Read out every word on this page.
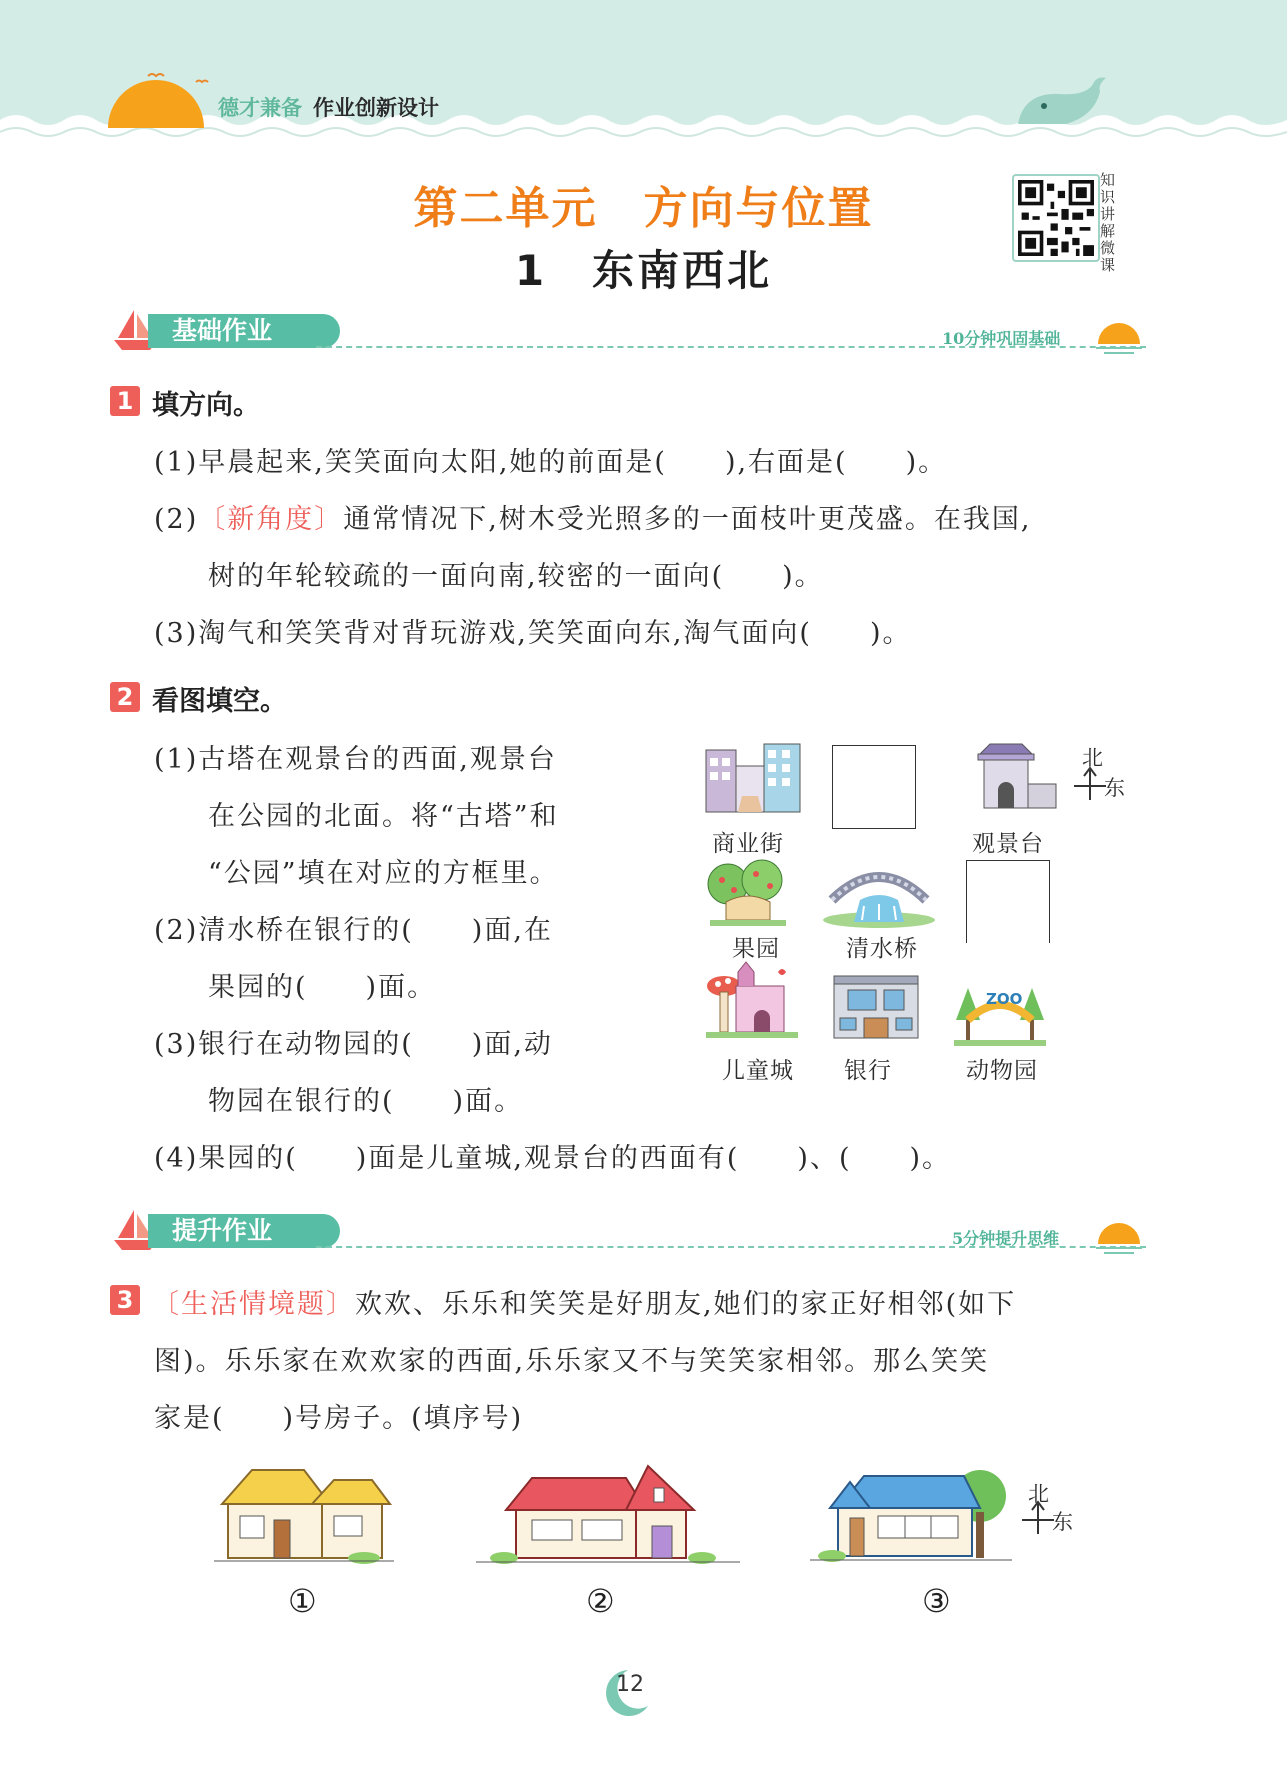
德才兼备 作业创新设计
第二单元　方向与位置
1　东南西北
知识讲解微课
基础作业	10分钟巩固基础
1 填方向。
(1)早晨起来,笑笑面向太阳,她的前面是(　　),右面是(　　)。
(2)〔新角度〕通常情况下,树木受光照多的一面枝叶更茂盛。在我国,
树的年轮较疏的一面向南,较密的一面向(　　)。
(3)淘气和笑笑背对背玩游戏,笑笑面向东,淘气面向(　　)。
2 看图填空。
(1)古塔在观景台的西面,观景台
在公园的北面。将“古塔”和
“公园”填在对应的方框里。
(2)清水桥在银行的(　　)面,在
果园的(　　)面。
(3)银行在动物园的(　　)面,动
物园在银行的(　　)面。
(4)果园的(　　)面是儿童城,观景台的西面有(　　)、(　　)。
商业街	观景台
北
东
果园	清水桥
儿童城 银行
ZOO
动物园
提升作业	5分钟提升思维
3 〔生活情境题〕欢欢、乐乐和笑笑是好朋友,她们的家正好相邻(如下
图)。乐乐家在欢欢家的西面,乐乐家又不与笑笑家相邻。那么笑笑
家是(　　)号房子。(填序号)
北
东
①	②	③
12
